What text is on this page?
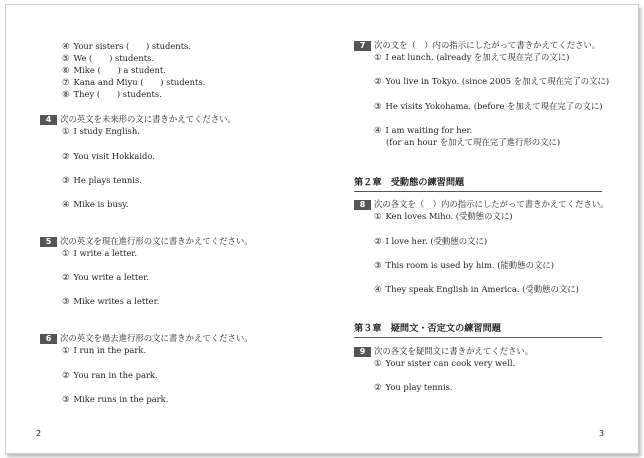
④ Your sisters (　　) students.
⑤ We (　　) students.
⑥ Mike (　　) a student.
⑦ Kana and Miyu (　　) students.
⑧ They (　　) students.
4 次の英文を未来形の文に書きかえてください。
① I study English.
② You visit Hokkaido.
③ He plays tennis.
④ Mike is busy.
5 次の英文を現在進行形の文に書きかえてください。
① I write a letter.
② You write a letter.
③ Mike writes a letter.
6 次の英文を過去進行形の文に書きかえてください。
① I run in the park.
② You ran in the park.
③ Mike runs in the park.
2
7 次の文を（　）内の指示にしたがって書きかえてください。
① I eat lunch. (already を加えて現在完了の文に)
② You live in Tokyo. (since 2005 を加えて現在完了の文に)
③ He visits Yokohama. (before を加えて現在完了の文に)
④ I am waiting for her.
(for an hour を加えて現在完了進行形の文に)
第２章　受動態の練習問題
8 次の各文を（　）内の指示にしたがって書きかえてください。
① Ken loves Miho. (受動態の文に)
② I love her. (受動態の文に)
③ This room is used by him. (能動態の文に)
④ They speak English in America. (受動態の文に)
第３章　疑問文・否定文の練習問題
9 次の各文を疑問文に書きかえてください。
① Your sister can cook very well.
② You play tennis.
3
